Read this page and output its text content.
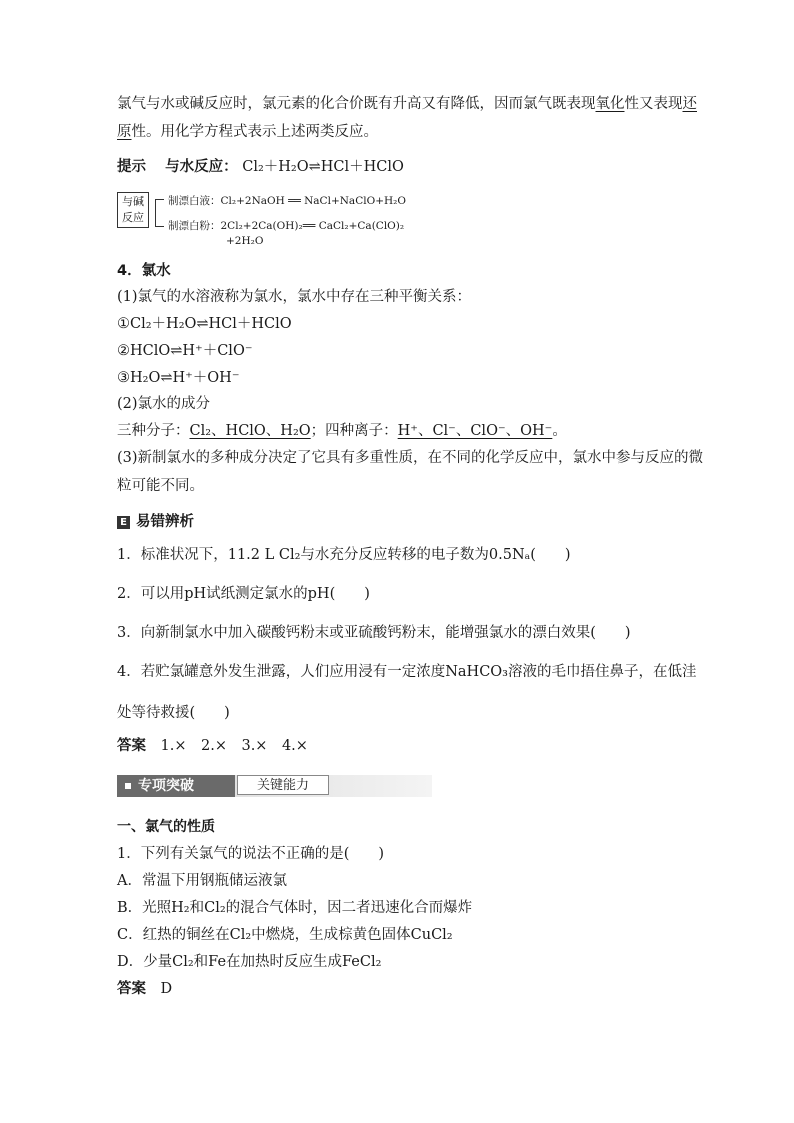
氯气与水或碱反应时，氯元素的化合价既有升高又有降低，因而氯气既表现氧化性又表现还
原性。用化学方程式表示上述两类反应。
提示　 与水反应： Cl₂＋H₂O⇌HCl＋HClO
与碱
反应
制漂白液：Cl₂+2NaOH ══ NaCl+NaClO+H₂O
制漂白粉：2Cl₂+2Ca(OH)₂══ CaCl₂+Ca(ClO)₂
+2H₂O
4．氯水
(1)氯气的水溶液称为氯水，氯水中存在三种平衡关系：
①Cl₂＋H₂O⇌HCl＋HClO
②HClO⇌H⁺＋ClO⁻
③H₂O⇌H⁺＋OH⁻
(2)氯水的成分
三种分子：Cl₂、HClO、H₂O；四种离子：H⁺、Cl⁻、ClO⁻、OH⁻。
(3)新制氯水的多种成分决定了它具有多重性质，在不同的化学反应中，氯水中参与反应的微
粒可能不同。
E 易错辨析
1．标准状况下，11.2 L Cl₂与水充分反应转移的电子数为0.5Nₐ(　　)
2．可以用pH试纸测定氯水的pH(　　)
3．向新制氯水中加入碳酸钙粉末或亚硫酸钙粉末，能增强氯水的漂白效果(　　)
4．若贮氯罐意外发生泄露，人们应用浸有一定浓度NaHCO₃溶液的毛巾捂住鼻子，在低洼
处等待救援(　　)
答案　 1.×　2.×　3.×　4.×
专项突破	关键能力
一、氯气的性质
1．下列有关氯气的说法不正确的是(　　)
A．常温下用钢瓶储运液氯
B．光照H₂和Cl₂的混合气体时，因二者迅速化合而爆炸
C．红热的铜丝在Cl₂中燃烧，生成棕黄色固体CuCl₂
D．少量Cl₂和Fe在加热时反应生成FeCl₂
答案　 D
